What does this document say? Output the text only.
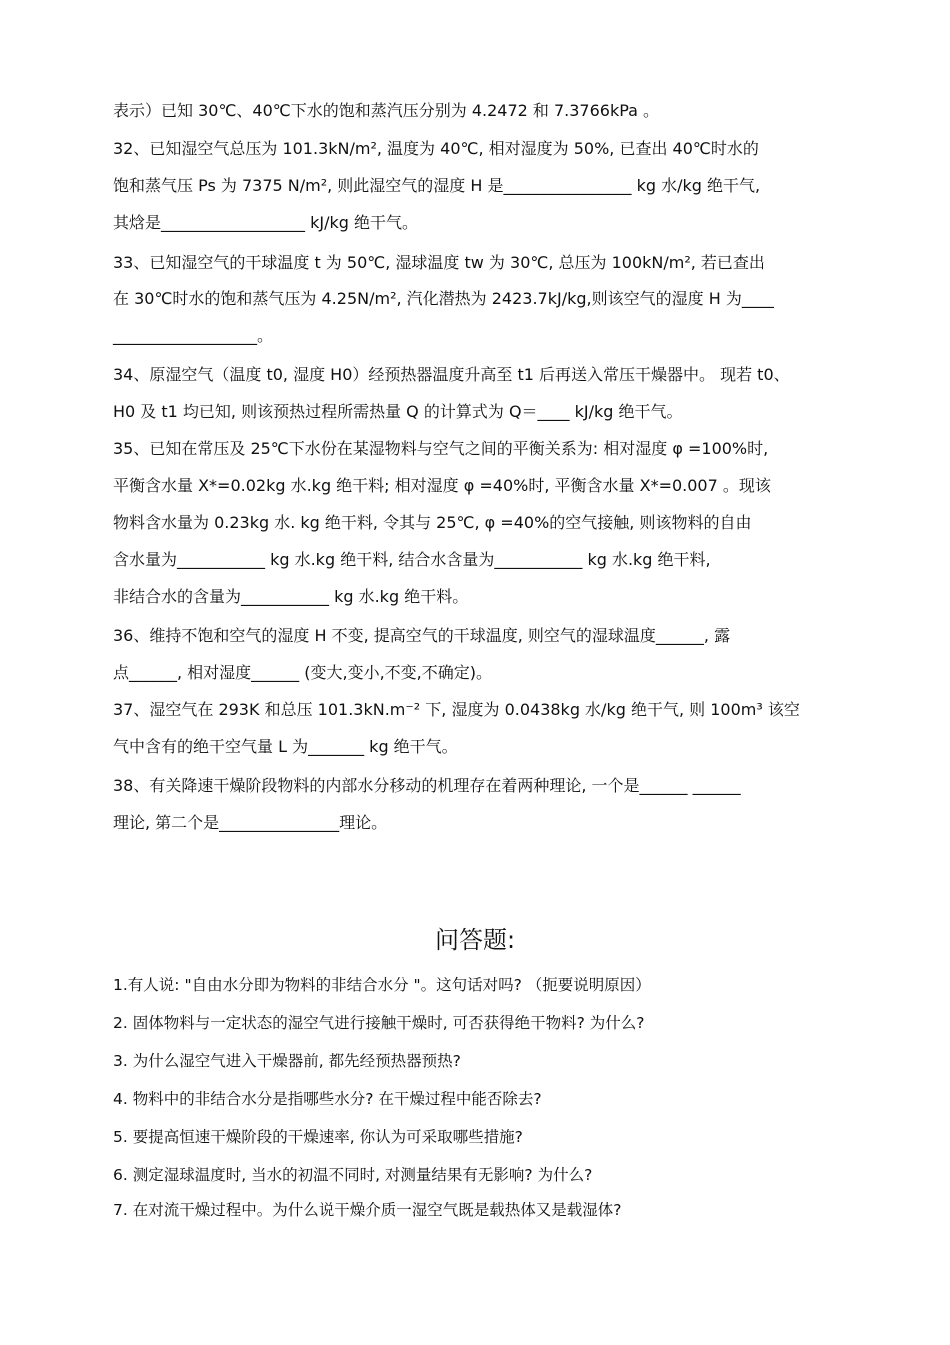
表示）已知 30℃、40℃下水的饱和蒸汽压分别为 4.2472 和 7.3766kPa 。
32、已知湿空气总压为 101.3kN/m², 温度为 40℃, 相对湿度为 50%, 已查出 40℃时水的
饱和蒸气压 Ps 为 7375 N/m², 则此湿空气的湿度 H 是________________ kg 水/kg 绝干气,
其焓是__________________ kJ/kg 绝干气。
33、已知湿空气的干球温度 t 为 50℃, 湿球温度 tw 为 30℃, 总压为 100kN/m², 若已查出
在 30℃时水的饱和蒸气压为 4.25N/m², 汽化潜热为 2423.7kJ/kg,则该空气的湿度 H 为____
__________________。
34、原湿空气（温度 t0, 湿度 H0）经预热器温度升高至 t1 后再送入常压干燥器中。 现若 t0、
H0 及 t1 均已知, 则该预热过程所需热量 Q 的计算式为 Q＝____ kJ/kg 绝干气。
35、已知在常压及 25℃下水份在某湿物料与空气之间的平衡关系为: 相对湿度 φ =100%时,
平衡含水量 X*=0.02kg 水.kg 绝干料; 相对湿度 φ =40%时, 平衡含水量 X*=0.007 。现该
物料含水量为 0.23kg 水. kg 绝干料, 令其与 25℃, φ =40%的空气接触, 则该物料的自由
含水量为___________ kg 水.kg 绝干料, 结合水含量为___________ kg 水.kg 绝干料,
非结合水的含量为___________ kg 水.kg 绝干料。
36、维持不饱和空气的湿度 H 不变, 提高空气的干球温度, 则空气的湿球温度______, 露
点______, 相对湿度______ (变大,变小,不变,不确定)。
37、湿空气在 293K 和总压 101.3kN.m⁻² 下, 湿度为 0.0438kg 水/kg 绝干气, 则 100m³ 该空
气中含有的绝干空气量 L 为_______ kg 绝干气。
38、有关降速干燥阶段物料的内部水分移动的机理存在着两种理论, 一个是______ ______
理论, 第二个是_______________理论。
问答题:
1.有人说: "自由水分即为物料的非结合水分 "。这句话对吗? （扼要说明原因）
2. 固体物料与一定状态的湿空气进行接触干燥时, 可否获得绝干物料? 为什么?
3. 为什么湿空气进入干燥器前, 都先经预热器预热?
4. 物料中的非结合水分是指哪些水分? 在干燥过程中能否除去?
5. 要提高恒速干燥阶段的干燥速率, 你认为可采取哪些措施?
6. 测定湿球温度时, 当水的初温不同时, 对测量结果有无影响? 为什么?
7. 在对流干燥过程中。为什么说干燥介质一湿空气既是载热体又是载湿体?
